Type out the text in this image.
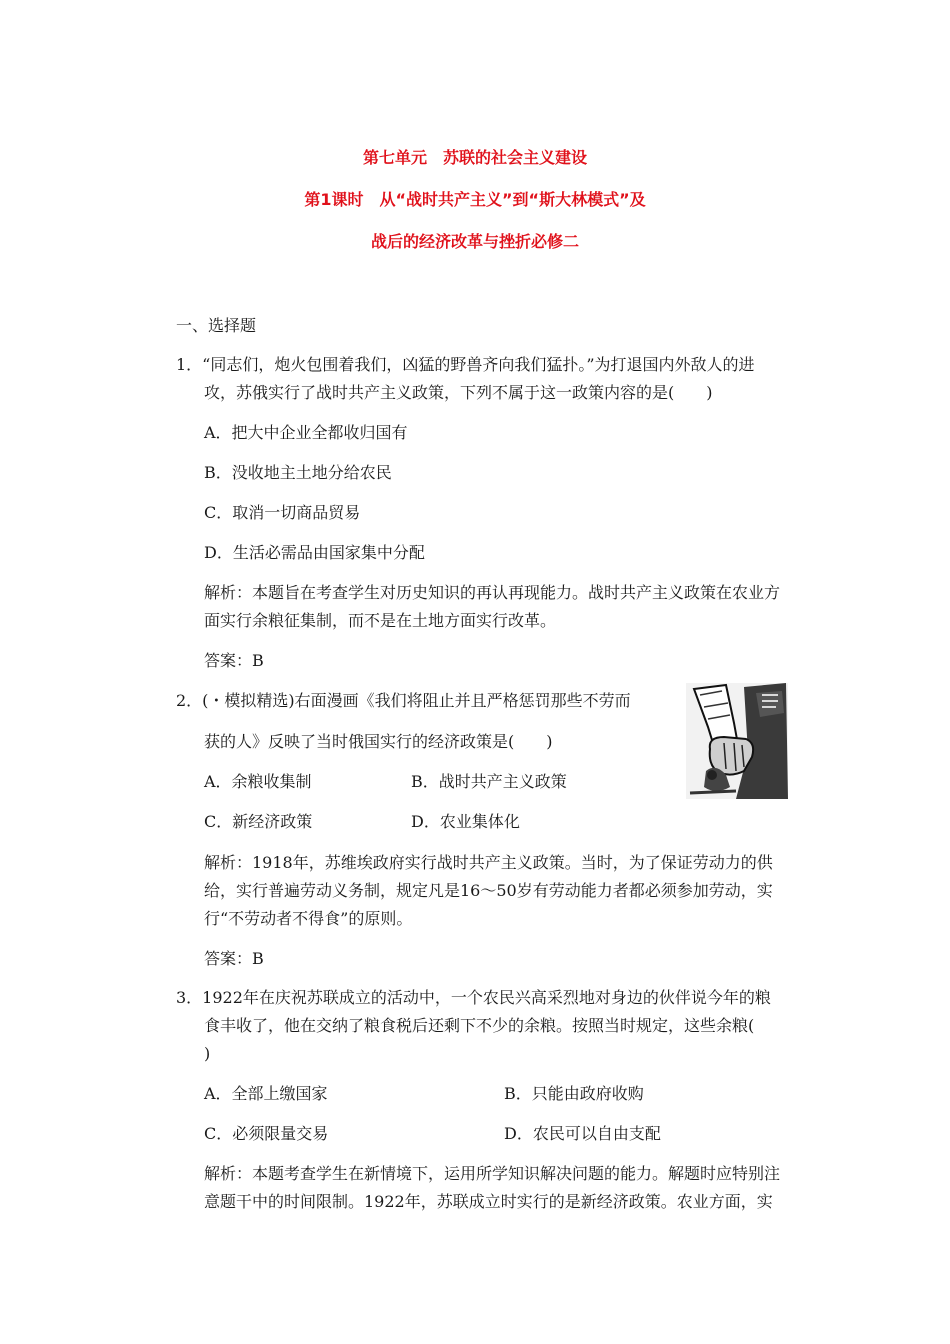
第七单元　苏联的社会主义建设
第1课时　从“战时共产主义”到“斯大林模式”及
战后的经济改革与挫折必修二
一、选择题
1．“同志们，炮火包围着我们，凶猛的野兽齐向我们猛扑。”为打退国内外敌人的进
攻，苏俄实行了战时共产主义政策，下列不属于这一政策内容的是(　　)
A．把大中企业全都收归国有
B．没收地主土地分给农民
C．取消一切商品贸易
D．生活必需品由国家集中分配
解析：本题旨在考查学生对历史知识的再认再现能力。战时共产主义政策在农业方
面实行余粮征集制，而不是在土地方面实行改革。
答案：B
2．(・模拟精选)右面漫画《我们将阻止并且严格惩罚那些不劳而
获的人》反映了当时俄国实行的经济政策是(　　)
A．余粮收集制	B．战时共产主义政策
C．新经济政策	D．农业集体化
解析：1918年，苏维埃政府实行战时共产主义政策。当时，为了保证劳动力的供
给，实行普遍劳动义务制，规定凡是16～50岁有劳动能力者都必须参加劳动，实
行“不劳动者不得食”的原则。
答案：B
3．1922年在庆祝苏联成立的活动中，一个农民兴高采烈地对身边的伙伴说今年的粮
食丰收了，他在交纳了粮食税后还剩下不少的余粮。按照当时规定，这些余粮(
)
A．全部上缴国家	B．只能由政府收购
C．必须限量交易	D．农民可以自由支配
解析：本题考查学生在新情境下，运用所学知识解决问题的能力。解题时应特别注
意题干中的时间限制。1922年，苏联成立时实行的是新经济政策。农业方面，实
